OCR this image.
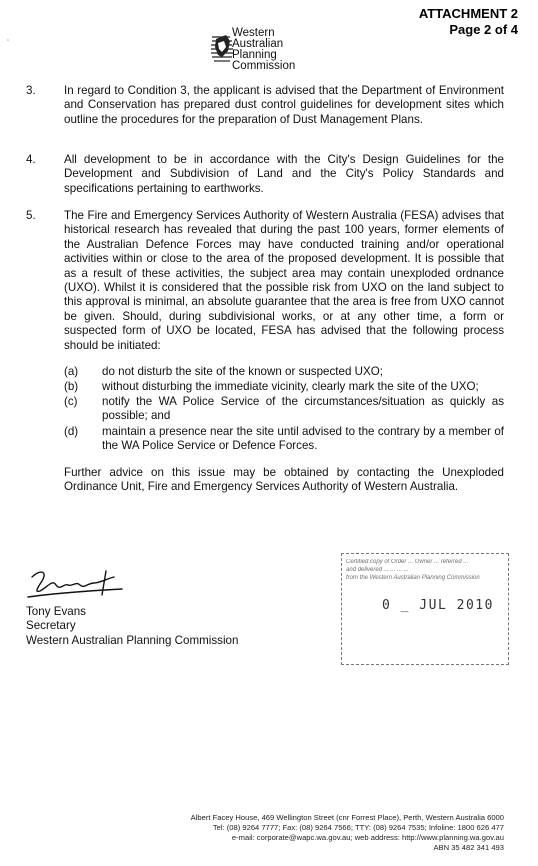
∘
ATTACHMENT 2
Page 2 of 4
Western
Australian
Planning
Commission
3. In regard to Condition 3, the applicant is advised that the Department of Environment and Conservation has prepared dust control guidelines for development sites which outline the procedures for the preparation of Dust Management Plans.
4. All development to be in accordance with the City's Design Guidelines for the Development and Subdivision of Land and the City's Policy Standards and specifications pertaining to earthworks.
5. The Fire and Emergency Services Authority of Western Australia (FESA) advises that historical research has revealed that during the past 100 years, former elements of the Australian Defence Forces may have conducted training and/or operational activities within or close to the area of the proposed development. It is possible that as a result of these activities, the subject area may contain unexploded ordnance (UXO). Whilst it is considered that the possible risk from UXO on the land subject to this approval is minimal, an absolute guarantee that the area is free from UXO cannot be given. Should, during subdivisional works, or at any other time, a form or suspected form of UXO be located, FESA has advised that the following process should be initiated:
(a) do not disturb the site of the known or suspected UXO;
(b) without disturbing the immediate vicinity, clearly mark the site of the UXO;
(c) notify the WA Police Service of the circumstances/situation as quickly as possible; and
(d) maintain a presence near the site until advised to the contrary by a member of the WA Police Service or Defence Forces.
Further advice on this issue may be obtained by contacting the Unexploded Ordinance Unit, Fire and Emergency Services Authority of Western Australia.
Tony Evans
Secretary
Western Australian Planning Commission
Certified copy of Order ... Owner ... referred ...
and delivered ... ... ... ...
from the Western Australian Planning Commission
0 _ JUL 2010
Albert Facey House, 469 Wellington Street (cnr Forrest Place), Perth, Western Australia 6000
Tel: (08) 9264 7777; Fax: (08) 9264 7566; TTY: (08) 9264 7535; Infoline: 1800 626 477
e-mail: corporate@wapc.wa.gov.au; web address: http://www.planning.wa.gov.au
ABN 35 482 341 493
